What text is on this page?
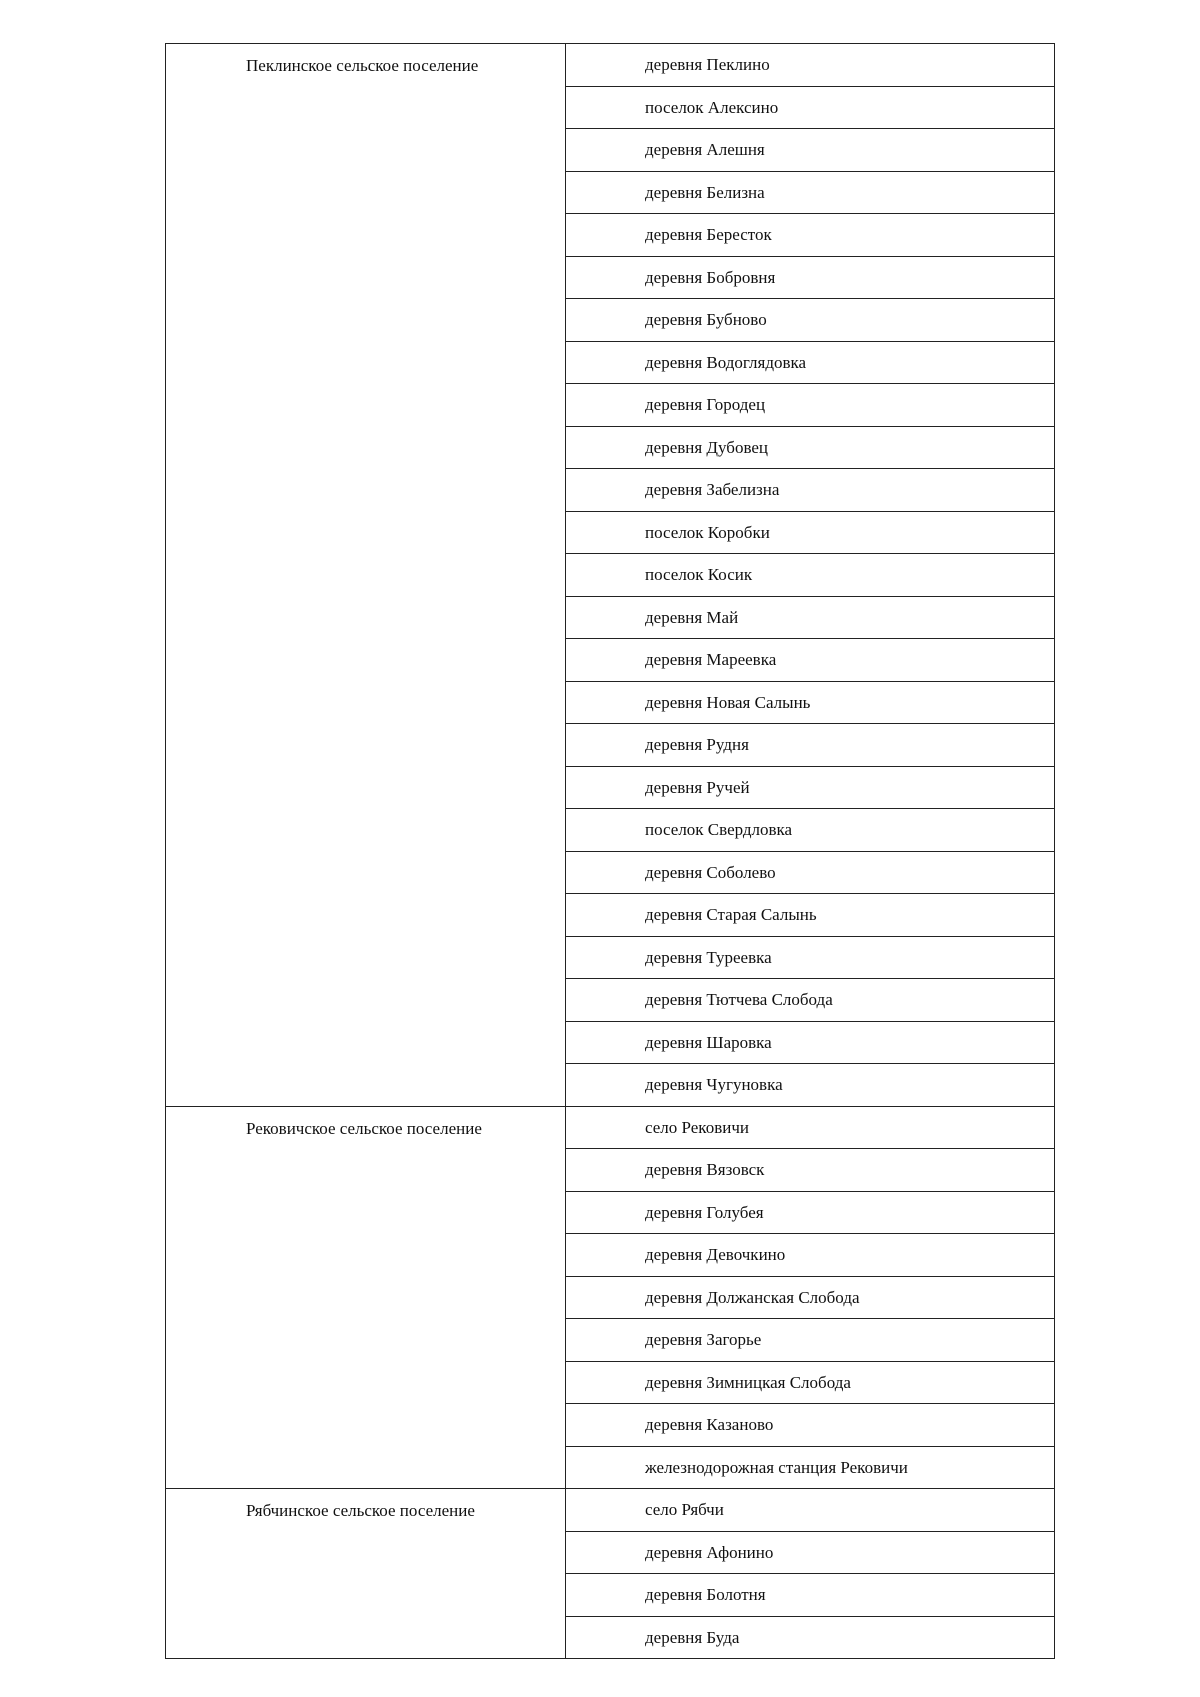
Пеклинское сельское поселение	деревня Пеклино
	поселок Алексино
	деревня Алешня
	деревня Белизна
	деревня Бересток
	деревня Бобровня
	деревня Бубново
	деревня Водоглядовка
	деревня Городец
	деревня Дубовец
	деревня Забелизна
	поселок Коробки
	поселок Косик
	деревня Май
	деревня Мареевка
	деревня Новая Салынь
	деревня Рудня
	деревня Ручей
	поселок Свердловка
	деревня Соболево
	деревня Старая Салынь
	деревня Туреевка
	деревня Тютчева Слобода
	деревня Шаровка
	деревня Чугуновка
Рековичское сельское поселение	село Рековичи
	деревня Вязовск
	деревня Голубея
	деревня Девочкино
	деревня Должанская Слобода
	деревня Загорье
	деревня Зимницкая Слобода
	деревня Казаново
	железнодорожная станция Рековичи
Рябчинское сельское поселение	село Рябчи
	деревня Афонино
	деревня Болотня
	деревня Буда
